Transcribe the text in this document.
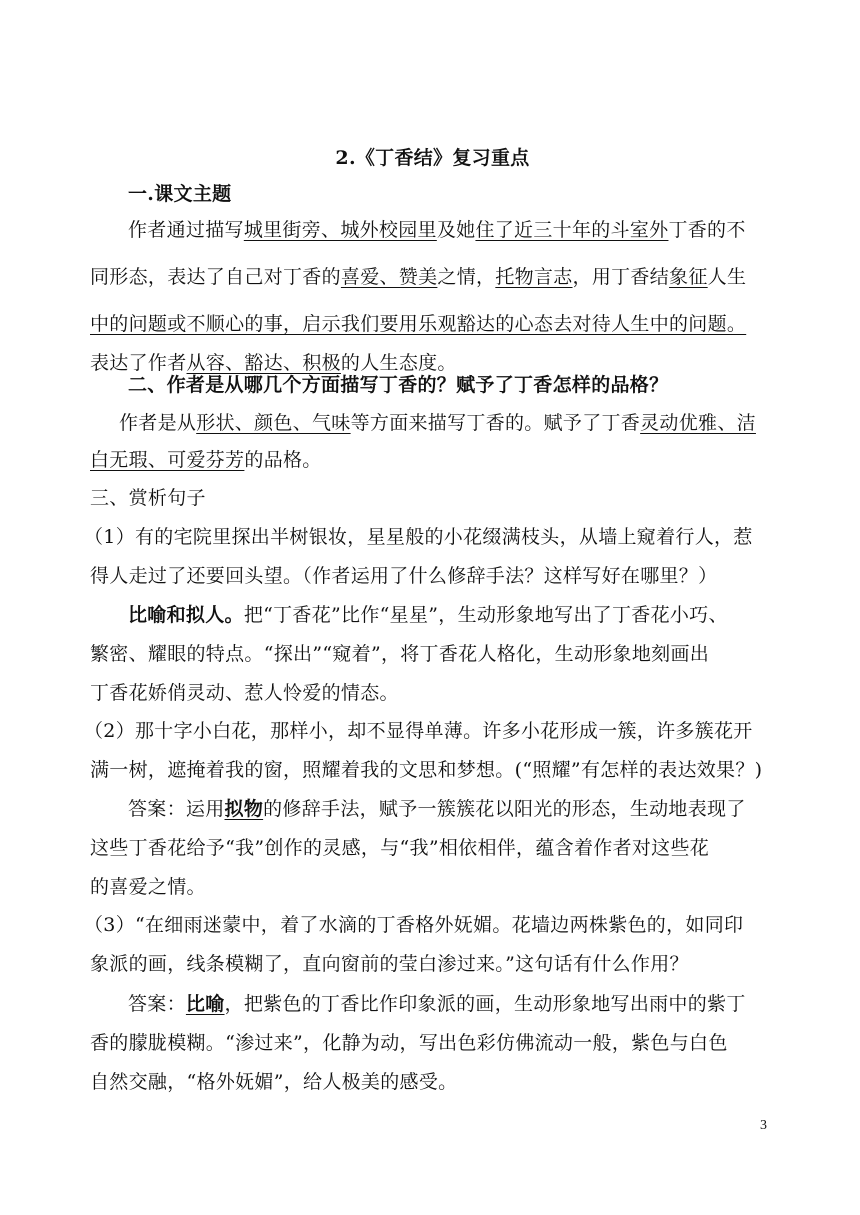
2.《丁香结》复习重点
一.课文主题
作者通过描写城里街旁、城外校园里及她住了近三十年的斗室外丁香的不
同形态，表达了自己对丁香的喜爱、赞美之情，托物言志，用丁香结象征人生
中的问题或不顺心的事，启示我们要用乐观豁达的心态去对待人生中的问题。
表达了作者从容、豁达、积极的人生态度。
二、作者是从哪几个方面描写丁香的？赋予了丁香怎样的品格？
作者是从形状、颜色、气味等方面来描写丁香的。赋予了丁香灵动优雅、洁
白无瑕、可爱芬芳的品格。
三、赏析句子
（1）有的宅院里探出半树银妆，星星般的小花缀满枝头，从墙上窥着行人，惹
得人走过了还要回头望。（作者运用了什么修辞手法？这样写好在哪里？）
比喻和拟人。把“丁香花”比作“星星”，生动形象地写出了丁香花小巧、
繁密、耀眼的特点。“探出”“窥着”，将丁香花人格化，生动形象地刻画出
丁香花娇俏灵动、惹人怜爱的情态。
（2）那十字小白花，那样小，却不显得单薄。许多小花形成一簇，许多簇花开
满一树，遮掩着我的窗，照耀着我的文思和梦想。(“照耀”有怎样的表达效果？)
答案：运用拟物的修辞手法，赋予一簇簇花以阳光的形态，生动地表现了
这些丁香花给予“我”创作的灵感，与“我”相依相伴，蕴含着作者对这些花
的喜爱之情。
（3）“在细雨迷蒙中，着了水滴的丁香格外妩媚。花墙边两株紫色的，如同印
象派的画，线条模糊了，直向窗前的莹白渗过来。”这句话有什么作用？
答案：比喻，把紫色的丁香比作印象派的画，生动形象地写出雨中的紫丁
香的朦胧模糊。“渗过来”，化静为动，写出色彩仿佛流动一般，紫色与白色
自然交融，“格外妩媚”，给人极美的感受。
3
